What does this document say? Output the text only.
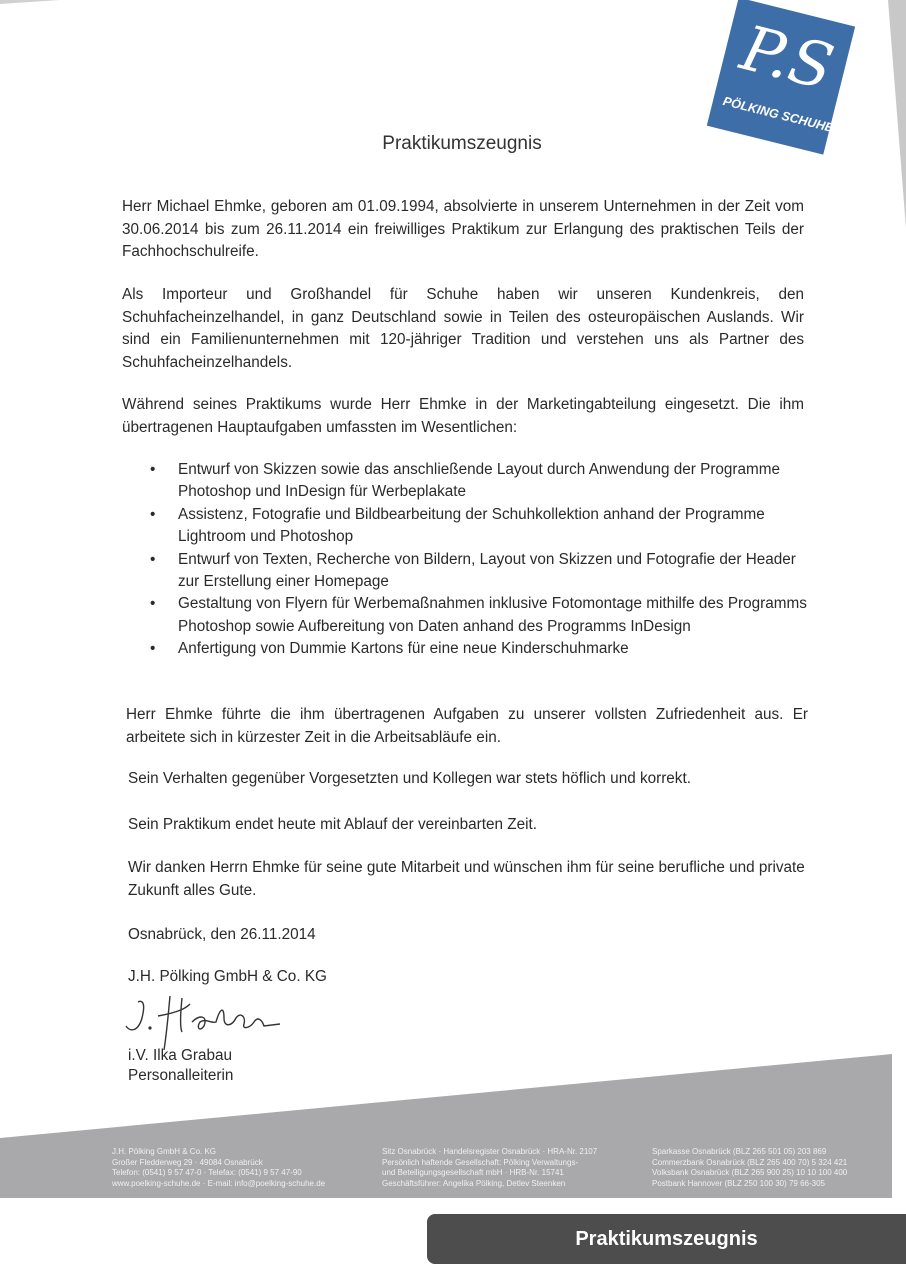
P.S
PÖLKING SCHUHE
Praktikumszeugnis

Herr Michael Ehmke, geboren am 01.09.1994, absolvierte in unserem Unternehmen in der Zeit vom 30.06.2014 bis zum 26.11.2014 ein freiwilliges Praktikum zur Erlangung des praktischen Teils der Fachhochschulreife.

Als Importeur und Großhandel für Schuhe haben wir unseren Kundenkreis, den Schuhfacheinzelhandel, in ganz Deutschland sowie in Teilen des osteuropäischen Auslands. Wir sind ein Familienunternehmen mit 120-jähriger Tradition und verstehen uns als Partner des Schuhfacheinzelhandels.

Während seines Praktikums wurde Herr Ehmke in der Marketingabteilung eingesetzt. Die ihm übertragenen Hauptaufgaben umfassten im Wesentlichen:

• Entwurf von Skizzen sowie das anschließende Layout durch Anwendung der Programme Photoshop und InDesign für Werbeplakate

• Assistenz, Fotografie und Bildbearbeitung der Schuhkollektion anhand der Programme Lightroom und Photoshop

• Entwurf von Texten, Recherche von Bildern, Layout von Skizzen und Fotografie der Header zur Erstellung einer Homepage

• Gestaltung von Flyern für Werbemaßnahmen inklusive Fotomontage mithilfe des Programms Photoshop sowie Aufbereitung von Daten anhand des Programms InDesign

• Anfertigung von Dummie Kartons für eine neue Kinderschuhmarke

Herr Ehmke führte die ihm übertragenen Aufgaben zu unserer vollsten Zufriedenheit aus. Er arbeitete sich in kürzester Zeit in die Arbeitsabläufe ein.

Sein Verhalten gegenüber Vorgesetzten und Kollegen war stets höflich und korrekt.
Sein Praktikum endet heute mit Ablauf der vereinbarten Zeit.

Wir danken Herrn Ehmke für seine gute Mitarbeit und wünschen ihm für seine berufliche und private Zukunft alles Gute.

Osnabrück, den 26.11.2014
J.H. Pölking GmbH & Co. KG
i.V. Ilka Grabau
Personalleiterin
J.H. Pölking GmbH & Co. KG
Großer Fledderweg 29 · 49084 Osnabrück
Telefon: (0541) 9 57 47-0 · Telefax: (0541) 9 57 47-90
www.poelking-schuhe.de · E-mail: info@poelking-schuhe.de
Sitz Osnabrück · Handelsregister Osnabrück · HRA-Nr. 2107
Persönlich haftende Gesellschaft: Pölking Verwaltungs-
und Beteiligungsgesellschaft mbH · HRB-Nr. 15741
Geschäftsführer: Angelika Pölking, Detlev Steenken
Sparkasse Osnabrück (BLZ 265 501 05) 203 869
Commerzbank Osnabrück (BLZ 265 400 70) 5 324 421
Volksbank Osnabrück (BLZ 265 900 25) 10 10 100 400
Postbank Hannover (BLZ 250 100 30) 79 66-305
Praktikumszeugnis
